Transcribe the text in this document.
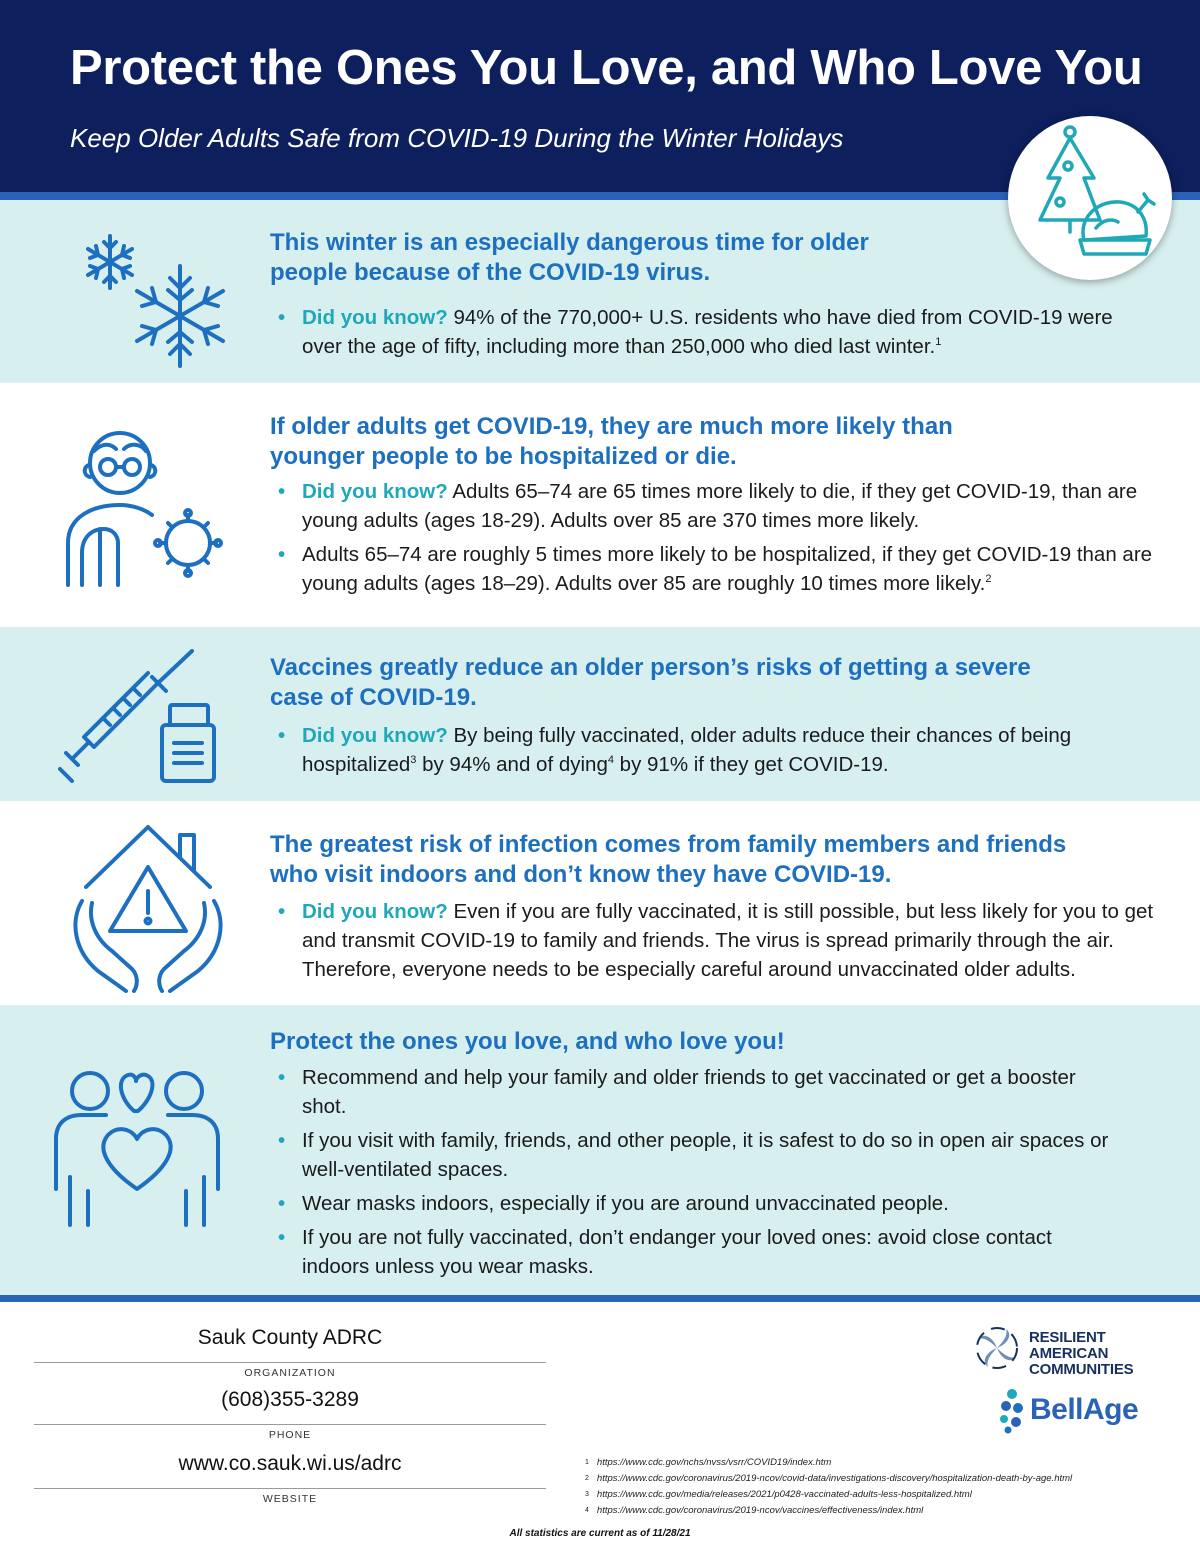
Protect the Ones You Love, and Who Love You
Keep Older Adults Safe from COVID-19 During the Winter Holidays
This winter is an especially dangerous time for older
people because of the COVID-19 virus.
• Did you know? 94% of the 770,000+ U.S. residents who have died from COVID-19 were over the age of fifty, including more than 250,000 who died last winter.$^1$
If older adults get COVID-19, they are much more likely than
younger people to be hospitalized or die.
• Did you know? Adults 65–74 are 65 times more likely to die, if they get COVID-19, than are young adults (ages 18-29). Adults over 85 are 370 times more likely.
• Adults 65–74 are roughly 5 times more likely to be hospitalized, if they get COVID-19 than are young adults (ages 18–29). Adults over 85 are roughly 10 times more likely.$^2$
Vaccines greatly reduce an older person’s risks of getting a severe
case of COVID-19.
• Did you know? By being fully vaccinated, older adults reduce their chances of being hospitalized$^3$ by 94% and of dying$^4$ by 91% if they get COVID-19.
The greatest risk of infection comes from family members and friends
who visit indoors and don’t know they have COVID-19.
• Did you know? Even if you are fully vaccinated, it is still possible, but less likely for you to get and transmit COVID-19 to family and friends. The virus is spread primarily through the air. Therefore, everyone needs to be especially careful around unvaccinated older adults.
Protect the ones you love, and who love you!
• Recommend and help your family and older friends to get vaccinated or get a booster shot.
• If you visit with family, friends, and other people, it is safest to do so in open air spaces or well-ventilated spaces.
• Wear masks indoors, especially if you are around unvaccinated people.
• If you are not fully vaccinated, don’t endanger your loved ones: avoid close contact indoors unless you wear masks.
Sauk County ADRC
ORGANIZATION
(608)355-3289
PHONE
www.co.sauk.wi.us/adrc
WEBSITE
RESILIENT AMERICAN
COMMUNITIES
BellAge
$^1$ https://www.cdc.gov/nchs/nvss/vsrr/COVID19/index.htm
$^2$ https://www.cdc.gov/coronavirus/2019-ncov/covid-data/investigations-discovery/hospitalization-death-by-age.html
$^3$ https://www.cdc.gov/media/releases/2021/p0428-vaccinated-adults-less-hospitalized.html
$^4$ https://www.cdc.gov/coronavirus/2019-ncov/vaccines/effectiveness/index.html
All statistics are current as of 11/28/21
